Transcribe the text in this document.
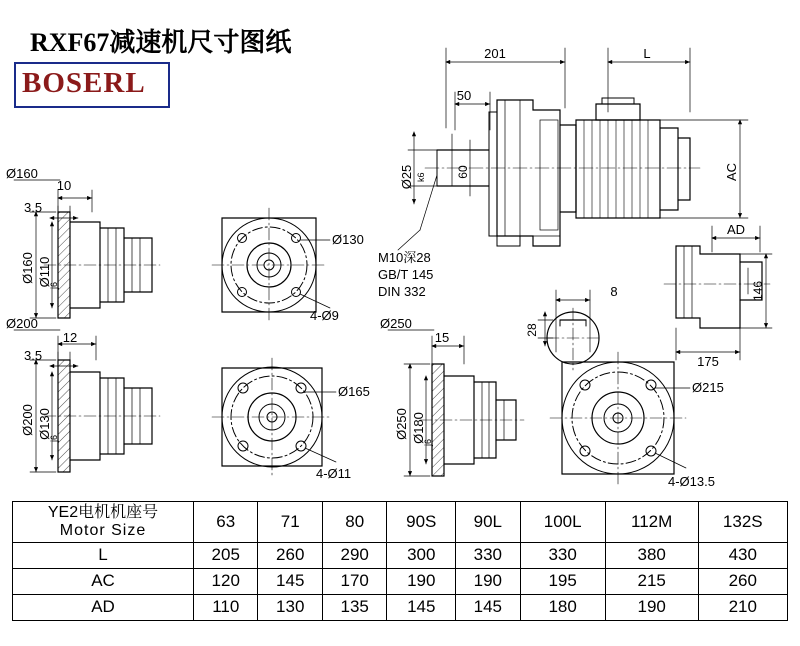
RXF67减速机尺寸图纸
BOSERL
201	L
50
Ø25 k6	60	AC
M10深28
GB/T 145
DIN 332	8
28
AD
146
175
Ø160
10
3.5
Ø160 Ø110
j6
Ø130
4-Ø9
Ø200
12
3.5
Ø200 Ø130
j6
Ø165
4-Ø11
Ø250
15
Ø250 Ø180
j6
Ø215
4-Ø13.5
YE2电机机座号
Motor Size	63	71	80	90S	90L	100L	112M	132S
L	205	260	290	300	330	330	380	430
AC	120	145	170	190	190	195	215	260
AD	110	130	135	145	145	180	190	210
